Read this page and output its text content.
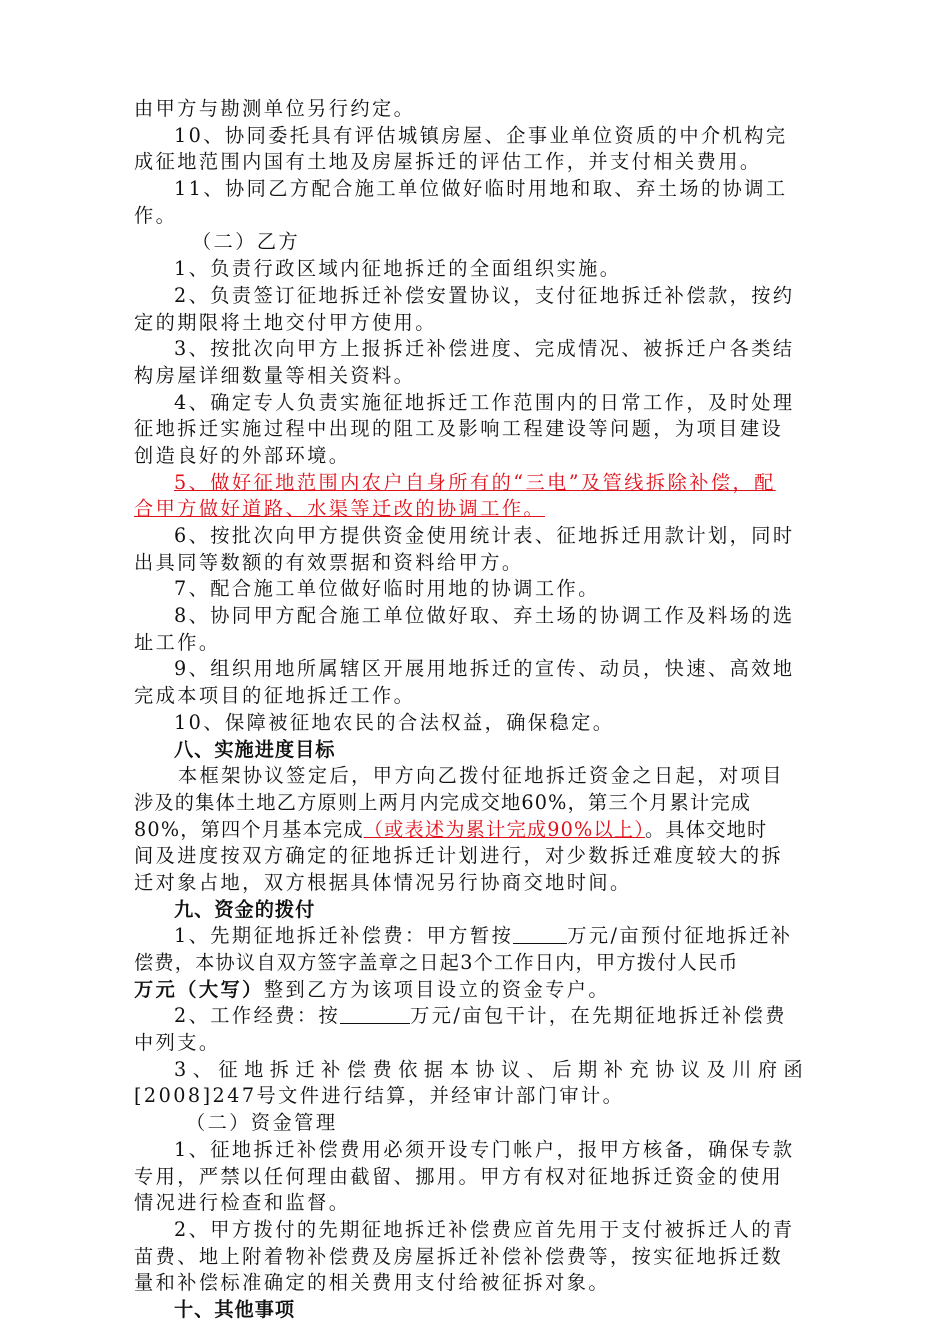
由甲方与勘测单位另行约定。
10、协同委托具有评估城镇房屋、企事业单位资质的中介机构完
成征地范围内国有土地及房屋拆迁的评估工作，并支付相关费用。
11、协同乙方配合施工单位做好临时用地和取、弃土场的协调工
作。
（二）乙方
1、负责行政区域内征地拆迁的全面组织实施。
2、负责签订征地拆迁补偿安置协议，支付征地拆迁补偿款，按约
定的期限将土地交付甲方使用。
3、按批次向甲方上报拆迁补偿进度、完成情况、被拆迁户各类结
构房屋详细数量等相关资料。
4、确定专人负责实施征地拆迁工作范围内的日常工作，及时处理
征地拆迁实施过程中出现的阻工及影响工程建设等问题，为项目建设
创造良好的外部环境。
5、做好征地范围内农户自身所有的“三电”及管线拆除补偿，配
合甲方做好道路、水渠等迁改的协调工作。
6、按批次向甲方提供资金使用统计表、征地拆迁用款计划，同时
出具同等数额的有效票据和资料给甲方。
7、配合施工单位做好临时用地的协调工作。
8、协同甲方配合施工单位做好取、弃土场的协调工作及料场的选
址工作。
9、组织用地所属辖区开展用地拆迁的宣传、动员，快速、高效地
完成本项目的征地拆迁工作。
10、保障被征地农民的合法权益，确保稳定。
八、实施进度目标
本框架协议签定后，甲方向乙拨付征地拆迁资金之日起，对项目
涉及的集体土地乙方原则上两月内完成交地60%，第三个月累计完成
80%，第四个月基本完成（或表述为累计完成90%以上）。具体交地时
间及进度按双方确定的征地拆迁计划进行，对少数拆迁难度较大的拆
迁对象占地，双方根据具体情况另行协商交地时间。
九、资金的拨付
1、先期征地拆迁补偿费：甲方暂按	万元/亩预付征地拆迁补
偿费，本协议自双方签字盖章之日起3个工作日内，甲方拨付人民币
万元（大写）整到乙方为该项目设立的资金专户。
2、工作经费：按	万元/亩包干计，在先期征地拆迁补偿费
中列支。
3、征地拆迁补偿费依据本协议、后期补充协议及川府函
[2008]247号文件进行结算，并经审计部门审计。
（二）资金管理
1、征地拆迁补偿费用必须开设专门帐户，报甲方核备，确保专款
专用，严禁以任何理由截留、挪用。甲方有权对征地拆迁资金的使用
情况进行检查和监督。
2、甲方拨付的先期征地拆迁补偿费应首先用于支付被拆迁人的青
苗费、地上附着物补偿费及房屋拆迁补偿补偿费等，按实征地拆迁数
量和补偿标准确定的相关费用支付给被征拆对象。
十、其他事项
